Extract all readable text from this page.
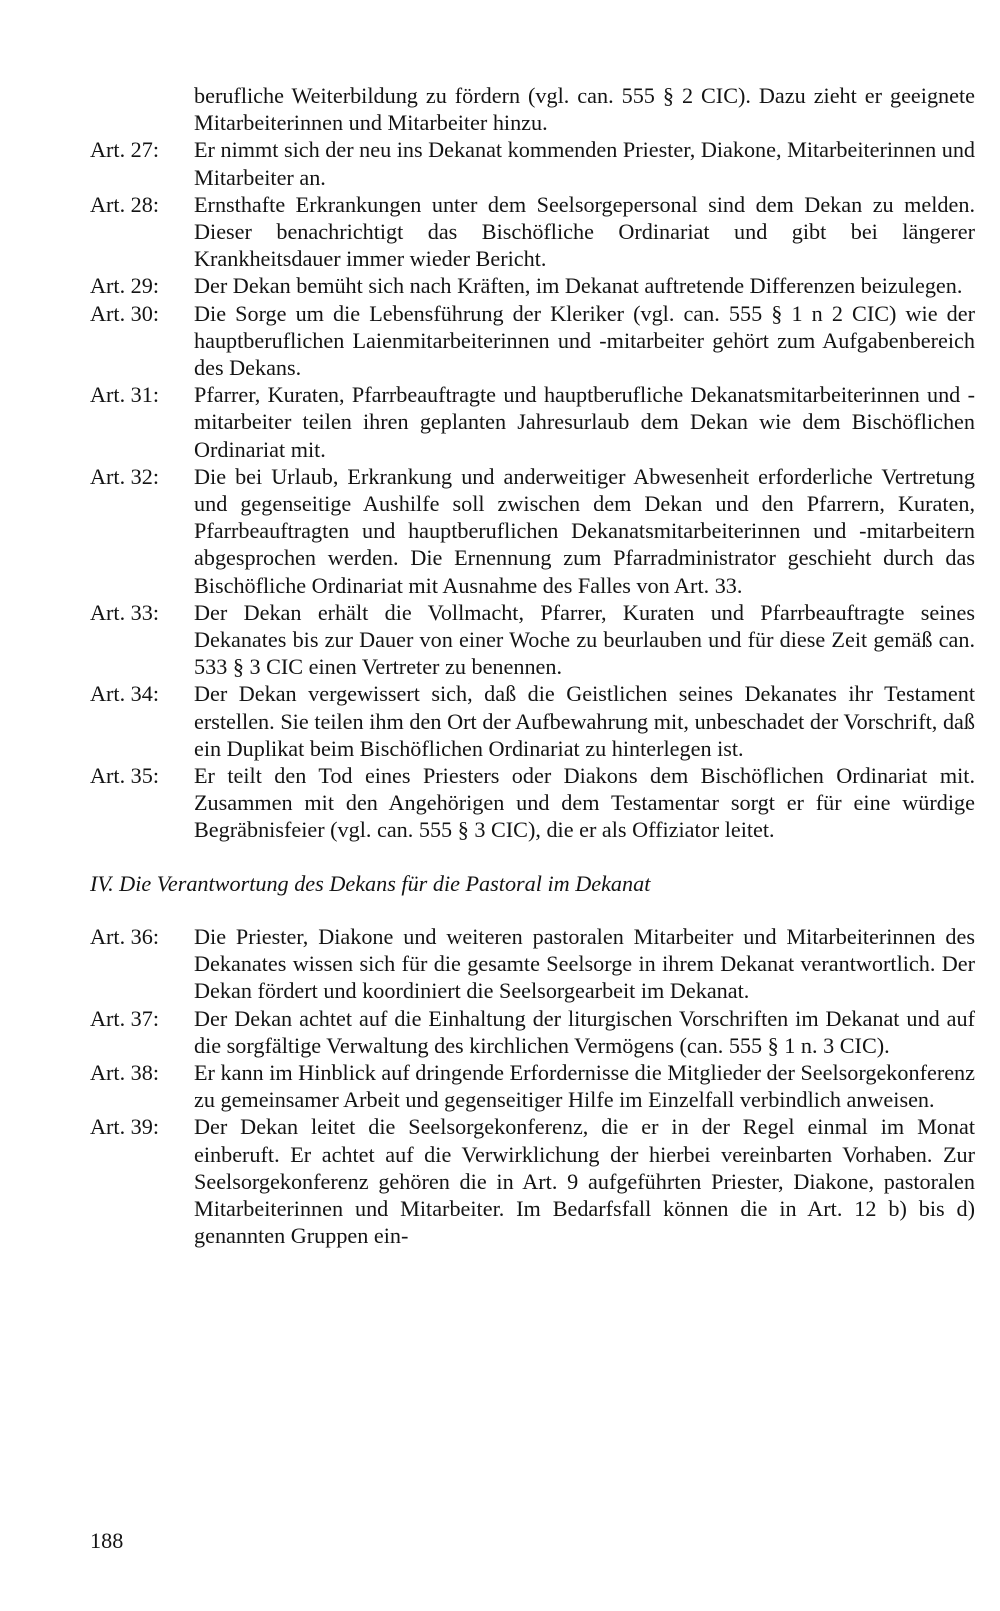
berufliche Weiterbildung zu fördern (vgl. can. 555 § 2 CIC). Dazu zieht er geeignete Mitarbeiterinnen und Mitarbeiter hinzu.
Art. 27:	Er nimmt sich der neu ins Dekanat kommenden Priester, Diakone, Mitarbeiterinnen und Mitarbeiter an.
Art. 28:	Ernsthafte Erkrankungen unter dem Seelsorgepersonal sind dem Dekan zu melden. Dieser benachrichtigt das Bischöfliche Ordinariat und gibt bei längerer Krankheitsdauer immer wieder Bericht.
Art. 29:	Der Dekan bemüht sich nach Kräften, im Dekanat auftretende Differenzen beizulegen.
Art. 30:	Die Sorge um die Lebensführung der Kleriker (vgl. can. 555 § 1 n 2 CIC) wie der hauptberuflichen Laienmitarbeiterinnen und -mitarbeiter gehört zum Aufgabenbereich des Dekans.
Art. 31:	Pfarrer, Kuraten, Pfarrbeauftragte und hauptberufliche Dekanatsmitarbeiterinnen und -mitarbeiter teilen ihren geplanten Jahresurlaub dem Dekan wie dem Bischöflichen Ordinariat mit.
Art. 32:	Die bei Urlaub, Erkrankung und anderweitiger Abwesenheit erforderliche Vertretung und gegenseitige Aushilfe soll zwischen dem Dekan und den Pfarrern, Kuraten, Pfarrbeauftragten und hauptberuflichen Dekanatsmitarbeiterinnen und -mitarbeitern abgesprochen werden. Die Ernennung zum Pfarradministrator geschieht durch das Bischöfliche Ordinariat mit Ausnahme des Falles von Art. 33.
Art. 33:	Der Dekan erhält die Vollmacht, Pfarrer, Kuraten und Pfarrbeauftragte seines Dekanates bis zur Dauer von einer Woche zu beurlauben und für diese Zeit gemäß can. 533 § 3 CIC einen Vertreter zu benennen.
Art. 34:	Der Dekan vergewissert sich, daß die Geistlichen seines Dekanates ihr Testament erstellen. Sie teilen ihm den Ort der Aufbewahrung mit, unbeschadet der Vorschrift, daß ein Duplikat beim Bischöflichen Ordinariat zu hinterlegen ist.
Art. 35:	Er teilt den Tod eines Priesters oder Diakons dem Bischöflichen Ordinariat mit. Zusammen mit den Angehörigen und dem Testamentar sorgt er für eine würdige Begräbnisfeier (vgl. can. 555 § 3 CIC), die er als Offiziator leitet.
IV. Die Verantwortung des Dekans für die Pastoral im Dekanat
Art. 36:	Die Priester, Diakone und weiteren pastoralen Mitarbeiter und Mitarbeiterinnen des Dekanates wissen sich für die gesamte Seelsorge in ihrem Dekanat verantwortlich. Der Dekan fördert und koordiniert die Seelsorgearbeit im Dekanat.
Art. 37:	Der Dekan achtet auf die Einhaltung der liturgischen Vorschriften im Dekanat und auf die sorgfältige Verwaltung des kirchlichen Vermögens (can. 555 § 1 n. 3 CIC).
Art. 38:	Er kann im Hinblick auf dringende Erfordernisse die Mitglieder der Seelsorgekonferenz zu gemeinsamer Arbeit und gegenseitiger Hilfe im Einzelfall verbindlich anweisen.
Art. 39:	Der Dekan leitet die Seelsorgekonferenz, die er in der Regel einmal im Monat einberuft. Er achtet auf die Verwirklichung der hierbei vereinbarten Vorhaben. Zur Seelsorgekonferenz gehören die in Art. 9 aufgeführten Priester, Diakone, pastoralen Mitarbeiterinnen und Mitarbeiter. Im Bedarfsfall können die in Art. 12 b) bis d) genannten Gruppen ein-
188
